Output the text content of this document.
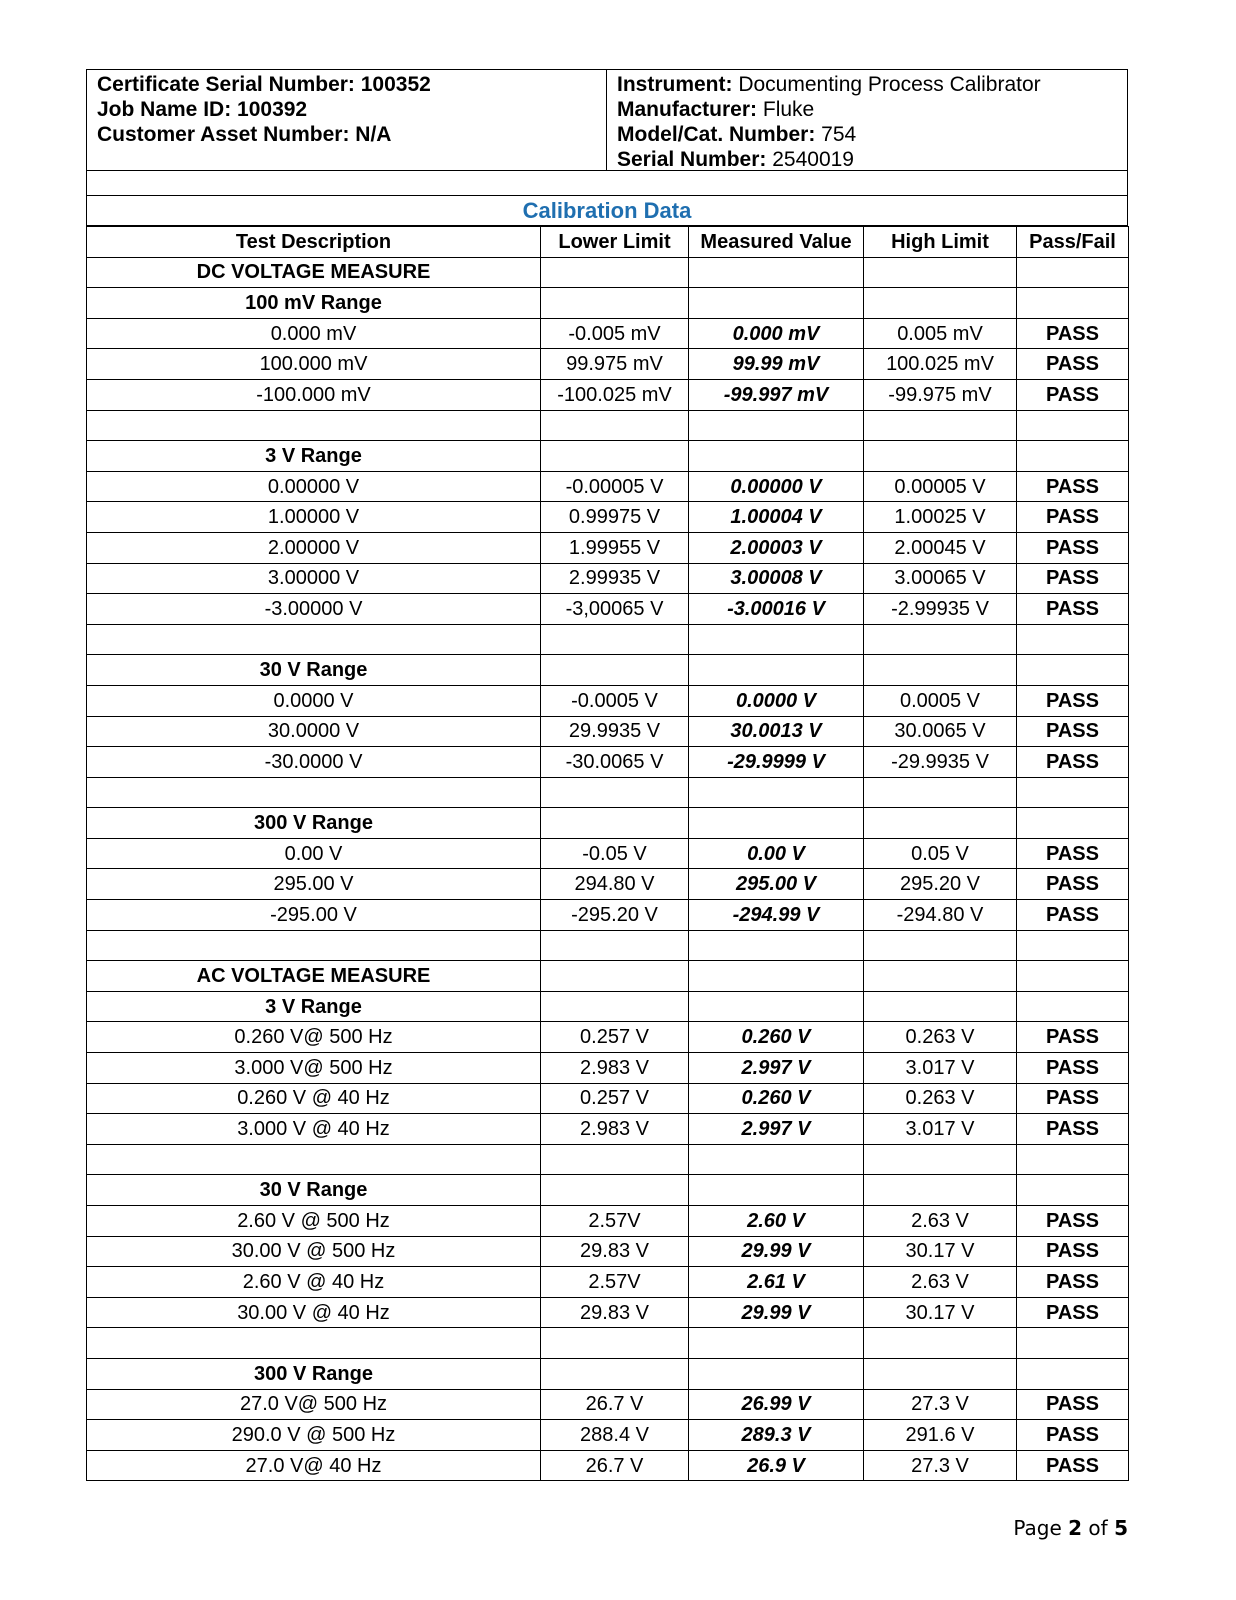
Certificate Serial Number: 100352
Job Name ID: 100392
Customer Asset Number: N/A
Instrument: Documenting Process Calibrator
Manufacturer: Fluke
Model/Cat. Number: 754
Serial Number: 2540019
Calibration Data
Test Description	Lower Limit	Measured Value	High Limit	Pass/Fail
DC VOLTAGE MEASURE				
100 mV Range				
0.000 mV	-0.005 mV	0.000 mV	0.005 mV	PASS
100.000 mV	99.975 mV	99.99 mV	100.025 mV	PASS
-100.000 mV	-100.025 mV	-99.997 mV	-99.975 mV	PASS

3 V Range				
0.00000 V	-0.00005 V	0.00000 V	0.00005 V	PASS
1.00000 V	0.99975 V	1.00004 V	1.00025 V	PASS
2.00000 V	1.99955 V	2.00003 V	2.00045 V	PASS
3.00000 V	2.99935 V	3.00008 V	3.00065 V	PASS
-3.00000 V	-3,00065 V	-3.00016 V	-2.99935 V	PASS

30 V Range				
0.0000 V	-0.0005 V	0.0000 V	0.0005 V	PASS
30.0000 V	29.9935 V	30.0013 V	30.0065 V	PASS
-30.0000 V	-30.0065 V	-29.9999 V	-29.9935 V	PASS

300 V Range				
0.00 V	-0.05 V	0.00 V	0.05 V	PASS
295.00 V	294.80 V	295.00 V	295.20 V	PASS
-295.00 V	-295.20 V	-294.99 V	-294.80 V	PASS

AC VOLTAGE MEASURE				
3 V Range				
0.260 V@ 500 Hz	0.257 V	0.260 V	0.263 V	PASS
3.000 V@ 500 Hz	2.983 V	2.997 V	3.017 V	PASS
0.260 V @ 40 Hz	0.257 V	0.260 V	0.263 V	PASS
3.000 V @ 40 Hz	2.983 V	2.997 V	3.017 V	PASS

30 V Range				
2.60 V @ 500 Hz	2.57V	2.60 V	2.63 V	PASS
30.00 V @ 500 Hz	29.83 V	29.99 V	30.17 V	PASS
2.60 V @ 40 Hz	2.57V	2.61 V	2.63 V	PASS
30.00 V @ 40 Hz	29.83 V	29.99 V	30.17 V	PASS

300 V Range				
27.0 V@ 500 Hz	26.7 V	26.99 V	27.3 V	PASS
290.0 V @ 500 Hz	288.4 V	289.3 V	291.6 V	PASS
27.0 V@ 40 Hz	26.7 V	26.9 V	27.3 V	PASS
Page 2 of 5
